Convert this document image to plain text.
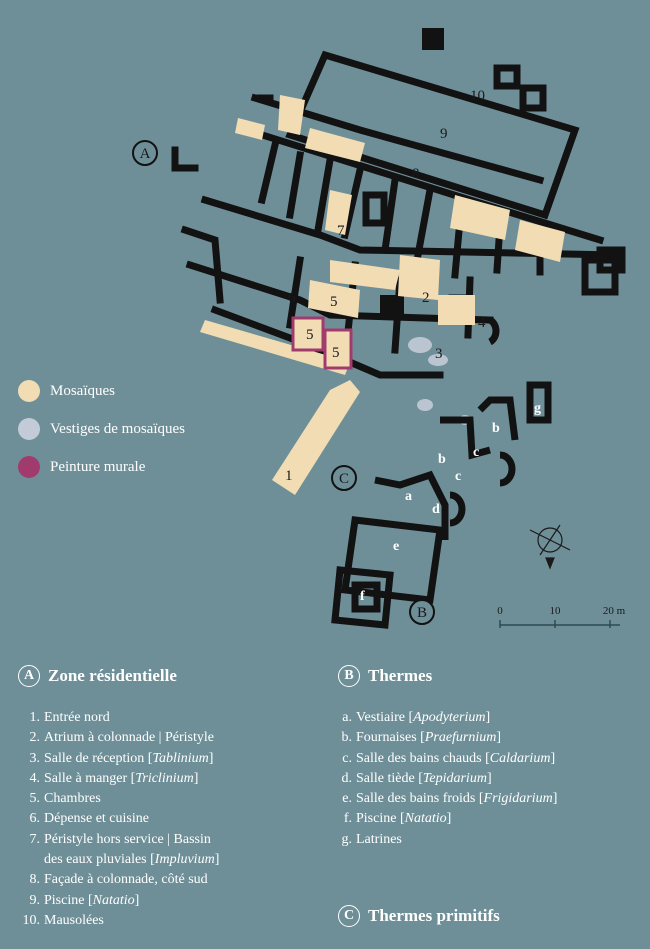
A
C
B
1
2
3
4
5
5
5
6
7
8
9
10
a
b
b
c
c
d
e
f
g
0	10	20 m
Mosaïques
Vestiges de mosaïques
Peinture murale
A Zone résidentielle
1. Entrée nord
2. Atrium à colonnade | Péristyle
3. Salle de réception [Tablinium]
4. Salle à manger [Triclinium]
5. Chambres
6. Dépense et cuisine
7. Péristyle hors service | Bassin
des eaux pluviales [Impluvium]
8. Façade à colonnade, côté sud
9. Piscine [Natatio]
10. Mausolées
B Thermes
a. Vestiaire [Apodyterium]
b. Fournaises [Praefurnium]
c. Salle des bains chauds [Caldarium]
d. Salle tiède [Tepidarium]
e. Salle des bains froids [Frigidarium]
f. Piscine [Natatio]
g. Latrines
C Thermes primitifs
